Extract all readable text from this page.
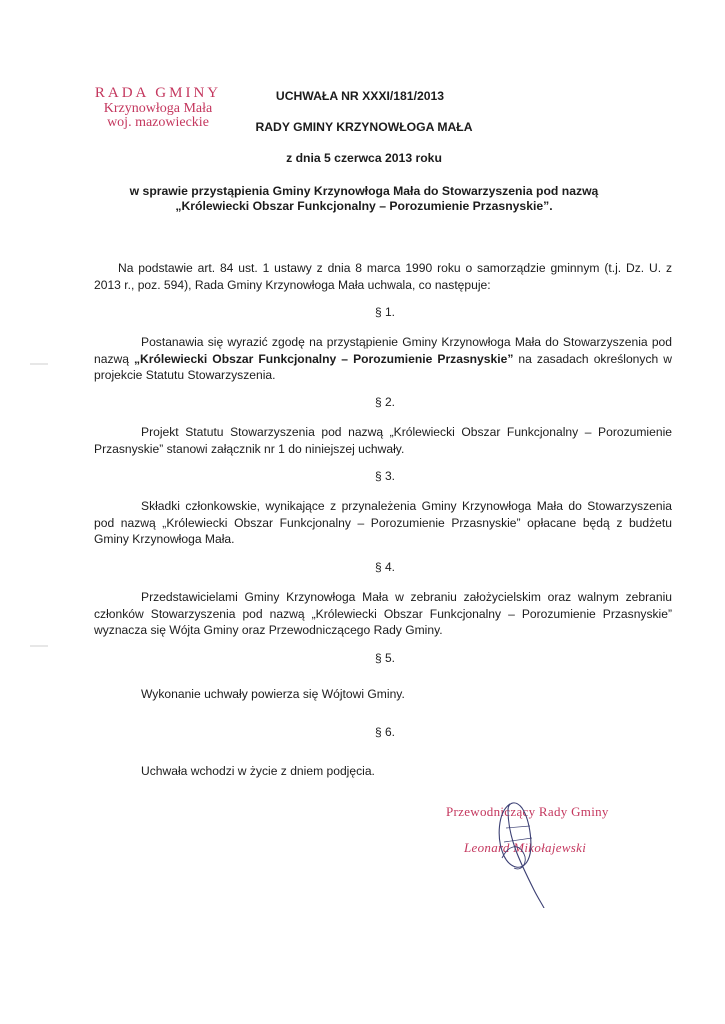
RADA GMINY
Krzynowłoga Mała
woj. mazowieckie
UCHWAŁA NR XXXI/181/2013
RADY GMINY KRZYNOWŁOGA MAŁA
z dnia 5 czerwca 2013 roku
w sprawie przystąpienia Gminy Krzynowłoga Mała do Stowarzyszenia pod nazwą
„Królewiecki Obszar Funkcjonalny – Porozumienie Przasnyskie”.
Na podstawie art. 84 ust. 1 ustawy z dnia 8 marca 1990 roku o samorządzie gminnym (t.j. Dz. U. z 2013 r., poz. 594), Rada Gminy Krzynowłoga Mała uchwala, co następuje:
§ 1.
Postanawia się wyrazić zgodę na przystąpienie Gminy Krzynowłoga Mała do Stowarzyszenia pod nazwą „Królewiecki Obszar Funkcjonalny – Porozumienie Przasnyskie” na zasadach określonych w projekcie Statutu Stowarzyszenia.
§ 2.
Projekt Statutu Stowarzyszenia pod nazwą „Królewiecki Obszar Funkcjonalny – Porozumienie Przasnyskie” stanowi załącznik nr 1 do niniejszej uchwały.
§ 3.
Składki członkowskie, wynikające z przynależenia Gminy Krzynowłoga Mała do Stowarzyszenia pod nazwą „Królewiecki Obszar Funkcjonalny – Porozumienie Przasnyskie” opłacane będą z budżetu Gminy Krzynowłoga Mała.
§ 4.
Przedstawicielami Gminy Krzynowłoga Mała w zebraniu założycielskim oraz walnym zebraniu członków Stowarzyszenia pod nazwą „Królewiecki Obszar Funkcjonalny – Porozumienie Przasnyskie” wyznacza się Wójta Gminy oraz Przewodniczącego Rady Gminy.
§ 5.
Wykonanie uchwały powierza się Wójtowi Gminy.
§ 6.
Uchwała wchodzi w życie z dniem podjęcia.
Przewodniczący Rady Gminy
Leonard Mikołajewski
